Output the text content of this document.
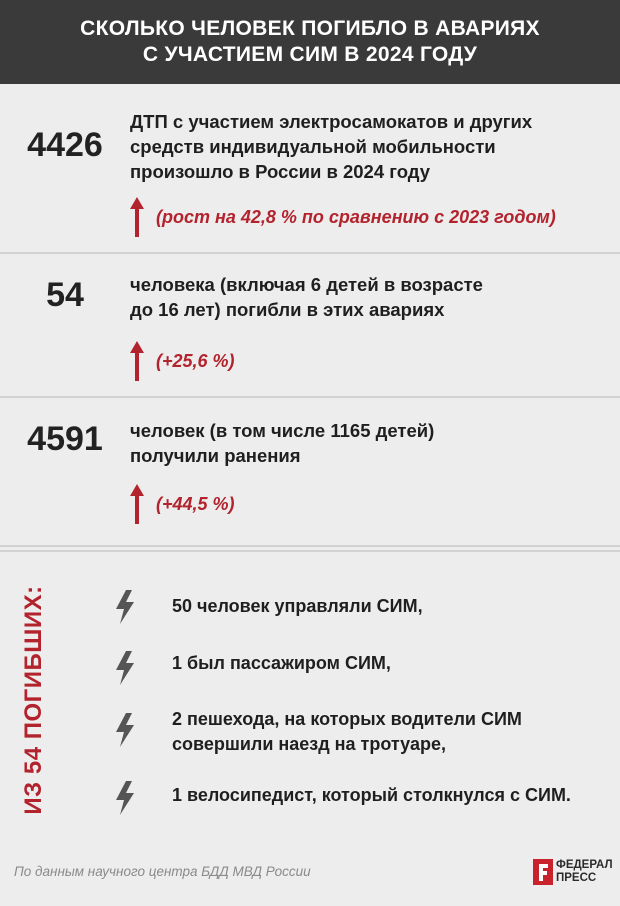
СКОЛЬКО ЧЕЛОВЕК ПОГИБЛО В АВАРИЯХ
С УЧАСТИЕМ СИМ В 2024 ГОДУ
4426
ДТП с участием электросамокатов и других средств индивидуальной мобильности произошло в России в 2024 году
(рост на 42,8 % по сравнению с 2023 годом)
54	человека (включая 6 детей в возрасте
до 16 лет) погибли в этих авариях
(+25,6 %)
4591	человек (в том числе 1165 детей)
получили ранения
(+44,5 %)
ИЗ 54 ПОГИБШИХ:	50 человек управляли СИМ,
1 был пассажиром СИМ,
2 пешехода, на которых водители СИМ
совершили наезд на тротуаре,
1 велосипедист, который столкнулся с СИМ.
По данным научного центра БДД МВД России	ФЕДЕРАЛ
ПРЕСС
